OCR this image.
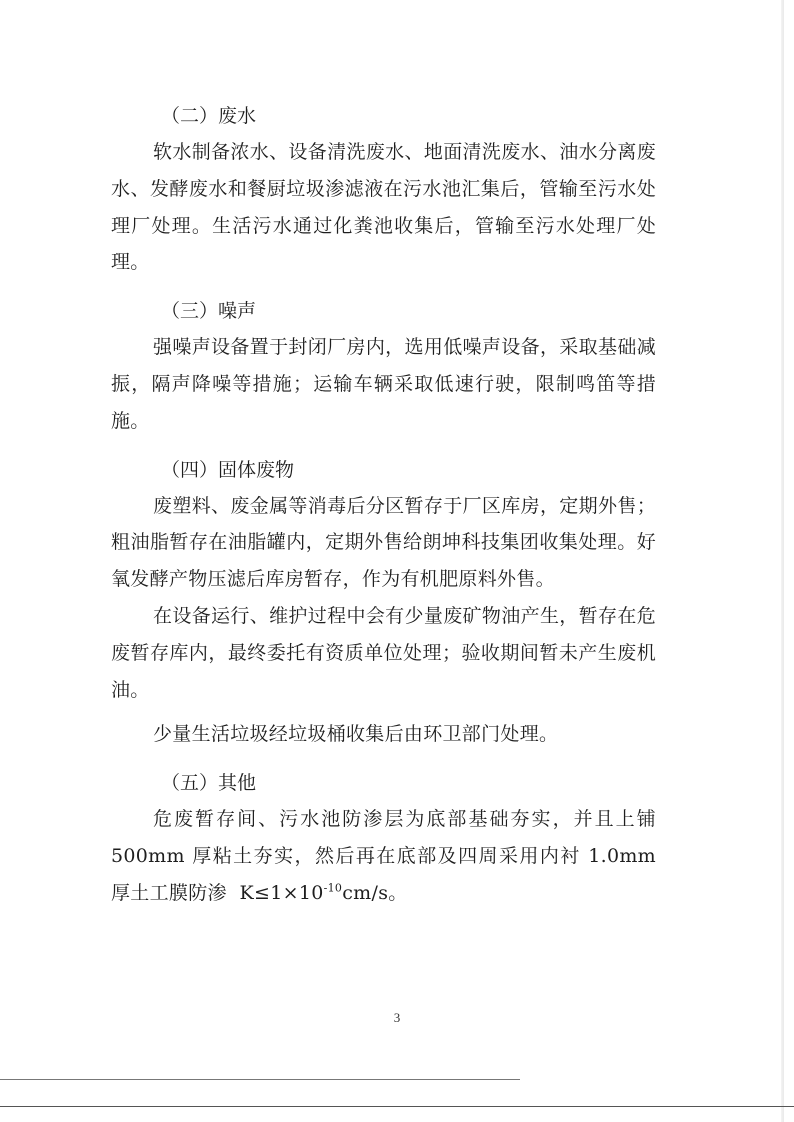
（二）废水

软水制备浓水、设备清洗废水、地面清洗废水、油水分离废水、发酵废水和餐厨垃圾渗滤液在污水池汇集后，管输至污水处理厂处理。生活污水通过化粪池收集后，管输至污水处理厂处理。

（三）噪声

强噪声设备置于封闭厂房内，选用低噪声设备，采取基础减振，隔声降噪等措施；运输车辆采取低速行驶，限制鸣笛等措施。

（四）固体废物

废塑料、废金属等消毒后分区暂存于厂区库房，定期外售；粗油脂暂存在油脂罐内，定期外售给朗坤科技集团收集处理。好氧发酵产物压滤后库房暂存，作为有机肥原料外售。

在设备运行、维护过程中会有少量废矿物油产生，暂存在危废暂存库内，最终委托有资质单位处理；验收期间暂未产生废机油。

少量生活垃圾经垃圾桶收集后由环卫部门处理。

（五）其他

危废暂存间、污水池防渗层为底部基础夯实，并且上铺500mm 厚粘土夯实，然后再在底部及四周采用内衬 1.0mm 厚土工膜防渗 $K\le 1\times 10^{-10}cm/s$。

3
